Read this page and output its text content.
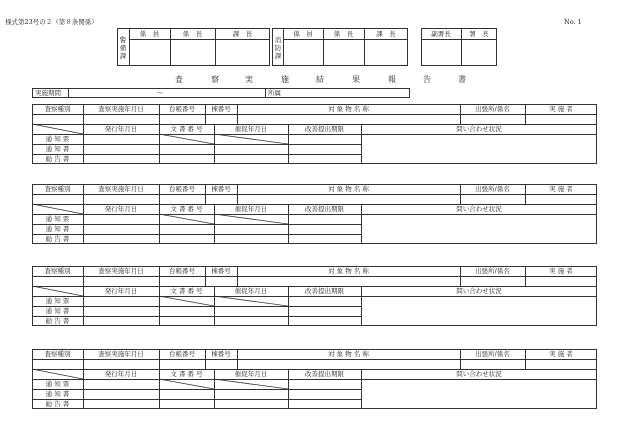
様式第23号の２（第８条関係）	No. 1
警備課
係　員	係　長	課　長
消防課
係　員	係　長	課　長	副署長	署　長
査	察	実	施	結	果	報	告	書
実施期間	〜	所属
査察種別	査察実施年月日	台帳番号	棟番号	対 象 物 名 称	出張所/係名	実 施 者
発行年月日	文 書 番 号	催促年月日	改善提出期限	問い合わせ状況
通 知 票
通 知 書
勧 告 書
査察種別	査察実施年月日	台帳番号	棟番号	対 象 物 名 称	出張所/係名	実 施 者
発行年月日	文 書 番 号	催促年月日	改善提出期限	問い合わせ状況
通 知 票
通 知 書
勧 告 書
査察種別	査察実施年月日	台帳番号	棟番号	対 象 物 名 称	出張所/係名	実 施 者
発行年月日	文 書 番 号	催促年月日	改善提出期限	問い合わせ状況
通 知 票
通 知 書
勧 告 書
査察種別	査察実施年月日	台帳番号	棟番号	対 象 物 名 称	出張所/係名	実 施 者
発行年月日	文 書 番 号	催促年月日	改善提出期限	問い合わせ状況
通 知 票
通 知 書
勧 告 書
